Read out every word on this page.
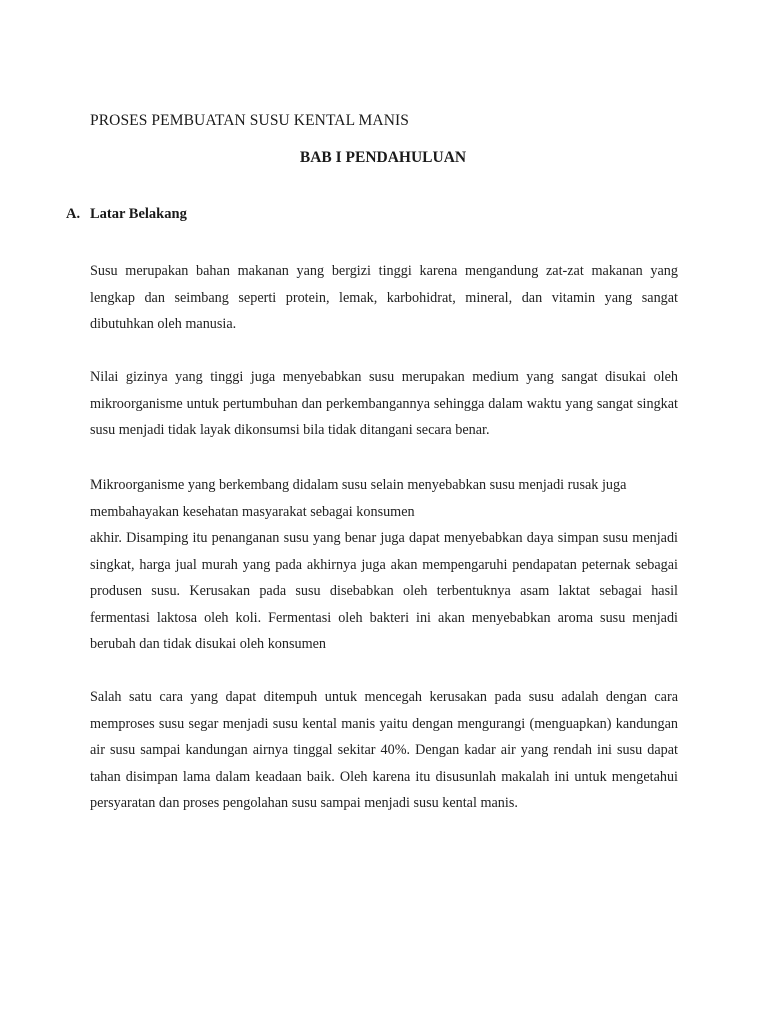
PROSES PEMBUATAN SUSU KENTAL MANIS
BAB I PENDAHULUAN
A. Latar Belakang

Susu merupakan bahan makanan yang bergizi tinggi karena mengandung zat-zat makanan yang lengkap dan seimbang seperti protein, lemak, karbohidrat, mineral, dan vitamin yang sangat dibutuhkan oleh manusia.

Nilai gizinya yang tinggi juga menyebabkan susu merupakan medium yang sangat disukai oleh mikroorganisme untuk pertumbuhan dan perkembangannya sehingga dalam waktu yang sangat singkat susu menjadi tidak layak dikonsumsi bila tidak ditangani secara benar.

Mikroorganisme yang berkembang didalam susu selain menyebabkan susu menjadi rusak juga membahayakan kesehatan masyarakat sebagai konsumen

akhir. Disamping itu penanganan susu yang benar juga dapat menyebabkan daya simpan susu menjadi singkat, harga jual murah yang pada akhirnya juga akan mempengaruhi pendapatan peternak sebagai produsen susu. Kerusakan pada susu disebabkan oleh terbentuknya asam laktat sebagai hasil fermentasi laktosa oleh koli. Fermentasi oleh bakteri ini akan menyebabkan aroma susu menjadi berubah dan tidak disukai oleh konsumen

Salah satu cara yang dapat ditempuh untuk mencegah kerusakan pada susu adalah dengan cara memproses susu segar menjadi susu kental manis yaitu dengan mengurangi (menguapkan) kandungan air susu sampai kandungan airnya tinggal sekitar 40%. Dengan kadar air yang rendah ini susu dapat tahan disimpan lama dalam keadaan baik. Oleh karena itu disusunlah makalah ini untuk mengetahui persyaratan dan proses pengolahan susu sampai menjadi susu kental manis.
